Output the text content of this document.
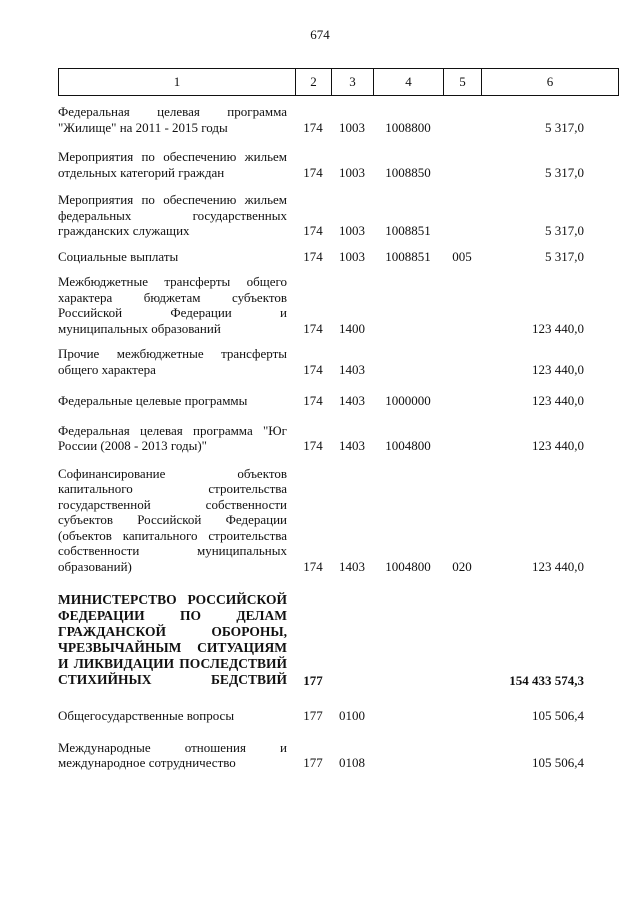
674
1	2	3	4	5	6
Федеральная целевая программа "Жилище" на 2011 - 2015 годы	174	1003	1008800		5 317,0

Мероприятия по обеспечению жильем отдельных категорий граждан	174	1003	1008850		5 317,0

Мероприятия по обеспечению жильем федеральных государственных гражданских служащих	174	1003	1008851		5 317,0

Социальные выплаты	174	1003	1008851	005	5 317,0

Межбюджетные трансферты общего характера бюджетам субъектов Российской Федерации и муниципальных образований	174	1400			123 440,0

Прочие межбюджетные трансферты общего характера	174	1403			123 440,0

Федеральные целевые программы	174	1403	1000000		123 440,0

Федеральная целевая программа "Юг России (2008 - 2013 годы)"	174	1403	1004800		123 440,0

Софинансирование объектов капитального строительства государственной собственности субъектов Российской Федерации (объектов капитального строительства собственности муниципальных образований)	174	1403	1004800	020	123 440,0

МИНИСТЕРСТВО РОССИЙСКОЙ ФЕДЕРАЦИИ ПО ДЕЛАМ ГРАЖДАНСКОЙ ОБОРОНЫ, ЧРЕЗВЫЧАЙНЫМ СИТУАЦИЯМ И ЛИКВИДАЦИИ ПОСЛЕДСТВИЙ СТИХИЙНЫХ БЕДСТВИЙ	177				154 433 574,3

Общегосударственные вопросы	177	0100			105 506,4

Международные отношения и международное сотрудничество	177	0108			105 506,4
